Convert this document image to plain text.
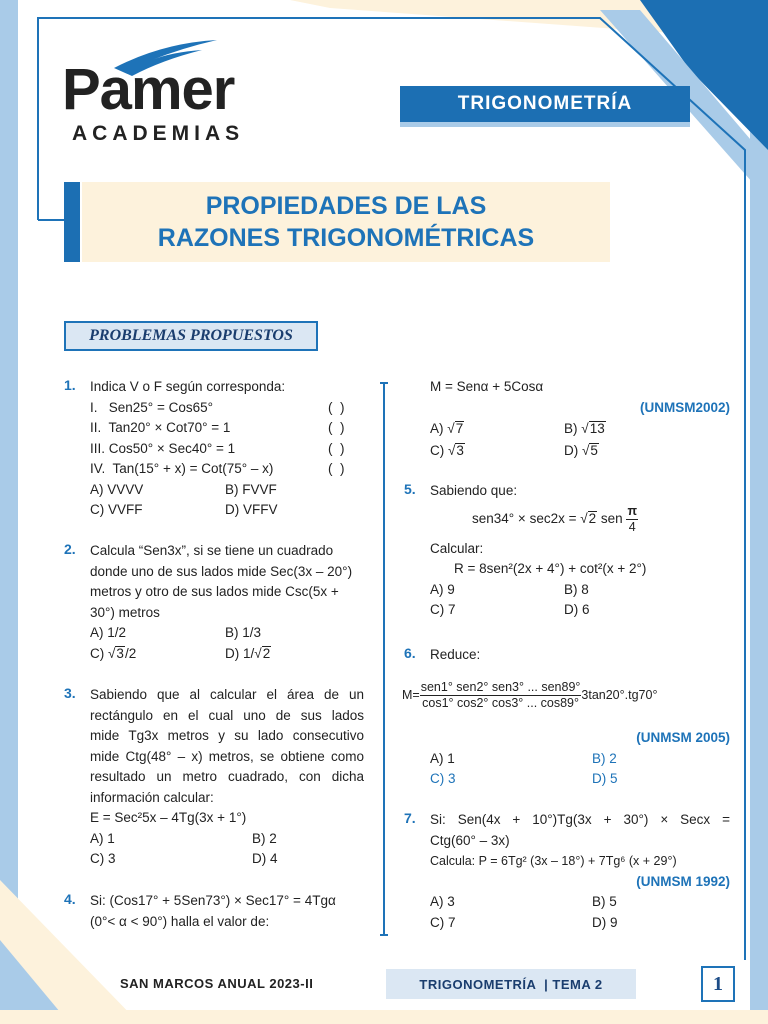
Pamer
ACADEMIAS
TRIGONOMETRÍA
PROPIEDADES DE LAS
RAZONES TRIGONOMÉTRICAS
PROBLEMAS PROPUESTOS
1. Indica V o F según corresponda:
I.   Sen25° = Cos65°	(  )
II.  Tan20° × Cot70° = 1	(  )
III. Cos50° × Sec40° = 1	(  )
IV.  Tan(15° + x) = Cot(75° – x)	(  )
A) VVVV	B) FVVF
C) VVFF	D) VFFV
2. Calcula “Sen3x”, si se tiene un cuadrado
donde uno de sus lados mide Sec(3x – 20°)
metros y otro de sus lados mide Csc(5x +
30°) metros
A) 1/2	B) 1/3
C) √3/2	D) 1/√2
3. Sabiendo que al calcular el área de un
rectángulo en el cual uno de sus lados
mide Tg3x metros y su lado consecutivo
mide Ctg(48° – x) metros, se obtiene como
resultado un metro cuadrado, con dicha
información calcular:
E = Sec²5x – 4Tg(3x + 1°)
A) 1	B) 2
C) 3	D) 4
4. Si: (Cos17° + 5Sen73°) × Sec17° = 4Tgα
(0°< α < 90°) halla el valor de:
M = Senα + 5Cosα
(UNMSM2002)
A) √7	B) √13
C) √3	D) √5
5. Sabiendo que:
sen34° × sec2x = √2 sen $\frac{\pi}{4}$
Calcular:
R = 8sen²(2x + 4°) + cot²(x + 2°)
A) 9	B) 8
C) 7	D) 6
6. Reduce:
$M= \frac{\text{sen1° sen2° sen3° ... sen89°}}{\cos 1^\circ \cos 2^\circ \cos 3^\circ ... \cos 89^\circ} 3\tan 20^\circ.tg70^\circ$
(UNMSM 2005)
A) 1	B) 2
C) 3	D) 5
7. Si: Sen(4x + 10°)Tg(3x + 30°) × Secx =
Ctg(60° – 3x)
Calcula: P = 6Tg² (3x – 18°) + 7Tg⁶ (x + 29°)
(UNMSM 1992)
A) 3	B) 5
C) 7	D) 9
SAN MARCOS ANUAL 2023-II	TRIGONOMETRÍA  | TEMA 2	1
